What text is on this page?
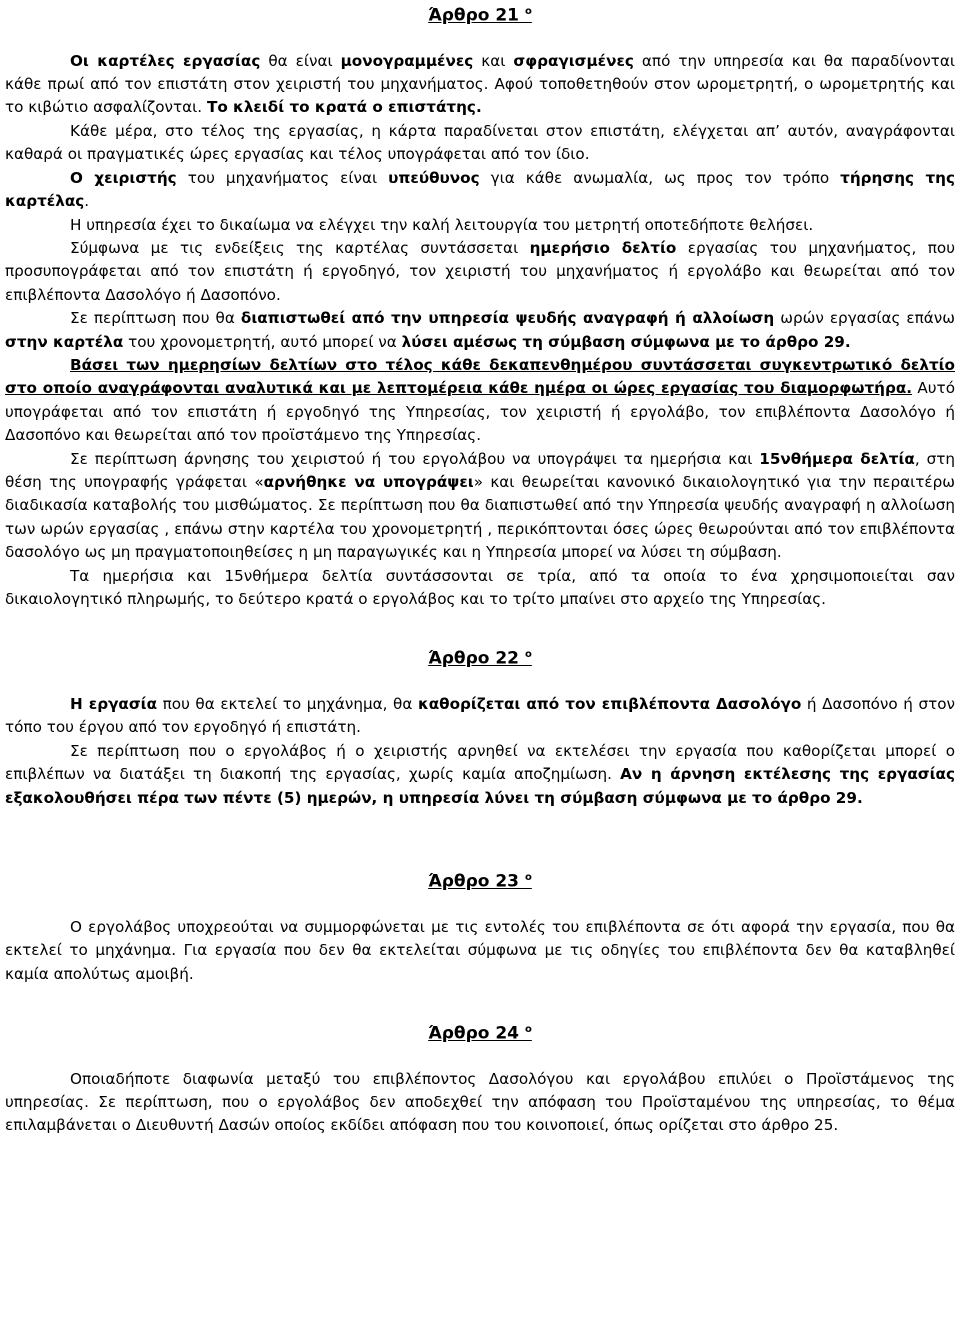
Άρθρο 21 $^o$

Οι καρτέλες εργασίας θα είναι μονογραμμένες και σφραγισμένες από την υπηρεσία και θα παραδίνονται κάθε πρωί από τον επιστάτη στον χειριστή του μηχανήματος. Αφού τοποθετηθούν στον ωρομετρητή, ο ωρομετρητής και το κιβώτιο ασφαλίζονται. Το κλειδί το κρατά ο επιστάτης.

Κάθε μέρα, στο τέλος της εργασίας, η κάρτα παραδίνεται στον επιστάτη, ελέγχεται απ’ αυτόν, αναγράφονται καθαρά οι πραγματικές ώρες εργασίας και τέλος υπογράφεται από τον ίδιο.

Ο χειριστής του μηχανήματος είναι υπεύθυνος για κάθε ανωμαλία, ως προς τον τρόπο τήρησης της καρτέλας.

Η υπηρεσία έχει το δικαίωμα να ελέγχει την καλή λειτουργία του μετρητή οποτεδήποτε θελήσει.

Σύμφωνα με τις ενδείξεις της καρτέλας συντάσσεται ημερήσιο δελτίο εργασίας του μηχανήματος, που προσυπογράφεται από τον επιστάτη ή εργοδηγό, τον χειριστή του μηχανήματος ή εργολάβο και θεωρείται από τον επιβλέποντα Δασολόγο ή Δασοπόνο.

Σε περίπτωση που θα διαπιστωθεί από την υπηρεσία ψευδής αναγραφή ή αλλοίωση ωρών εργασίας επάνω στην καρτέλα του χρονομετρητή, αυτό μπορεί να λύσει αμέσως τη σύμβαση σύμφωνα με το άρθρο 29.

Βάσει των ημερησίων δελτίων στο τέλος κάθε δεκαπενθημέρου συντάσσεται συγκεντρωτικό δελτίο στο οποίο αναγράφονται αναλυτικά και με λεπτομέρεια κάθε ημέρα οι ώρες εργασίας του διαμορφωτήρα. Αυτό υπογράφεται από τον επιστάτη ή εργοδηγό της Υπηρεσίας, τον χειριστή ή εργολάβο, τον επιβλέποντα Δασολόγο ή Δασοπόνο και θεωρείται από τον προϊστάμενο της Υπηρεσίας.

Σε περίπτωση άρνησης του χειριστού ή του εργολάβου να υπογράψει τα ημερήσια και 15νθήμερα δελτία, στη θέση της υπογραφής γράφεται «αρνήθηκε να υπογράψει» και θεωρείται κανονικό δικαιολογητικό για την περαιτέρω διαδικασία καταβολής του μισθώματος. Σε περίπτωση που θα διαπιστωθεί από την Υπηρεσία ψευδής αναγραφή η αλλοίωση των ωρών εργασίας , επάνω στην καρτέλα του χρονομετρητή , περικόπτονται όσες ώρες θεωρούνται από τον επιβλέποντα δασολόγο ως μη πραγματοποιηθείσες η μη παραγωγικές και η Υπηρεσία μπορεί να λύσει τη σύμβαση.

Τα ημερήσια και 15νθήμερα δελτία συντάσσονται σε τρία, από τα οποία το ένα χρησιμοποιείται σαν δικαιολογητικό πληρωμής, το δεύτερο κρατά ο εργολάβος και το τρίτο μπαίνει στο αρχείο της Υπηρεσίας.

Άρθρο 22 $^o$

Η εργασία που θα εκτελεί το μηχάνημα, θα καθορίζεται από τον επιβλέποντα Δασολόγο ή Δασοπόνο ή στον τόπο του έργου από τον εργοδηγό ή επιστάτη.

Σε περίπτωση που ο εργολάβος ή ο χειριστής αρνηθεί να εκτελέσει την εργασία που καθορίζεται μπορεί ο επιβλέπων να διατάξει τη διακοπή της εργασίας, χωρίς καμία αποζημίωση. Αν η άρνηση εκτέλεσης της εργασίας εξακολουθήσει πέρα των πέντε (5) ημερών, η υπηρεσία λύνει τη σύμβαση σύμφωνα με το άρθρο 29.

Άρθρο 23 $^o$

Ο εργολάβος υποχρεούται να συμμορφώνεται με τις εντολές του επιβλέποντα σε ότι αφορά την εργασία, που θα εκτελεί το μηχάνημα. Για εργασία που δεν θα εκτελείται σύμφωνα με τις οδηγίες του επιβλέποντα δεν θα καταβληθεί καμία απολύτως αμοιβή.

Άρθρο 24 $^o$

Οποιαδήποτε διαφωνία μεταξύ του επιβλέποντος Δασολόγου και εργολάβου επιλύει ο Προϊστάμενος της υπηρεσίας. Σε περίπτωση, που ο εργολάβος δεν αποδεχθεί την απόφαση του Προϊσταμένου της υπηρεσίας, το θέμα επιλαμβάνεται ο Διευθυντή Δασών οποίος εκδίδει απόφαση που του κοινοποιεί, όπως ορίζεται στο άρθρο 25.
